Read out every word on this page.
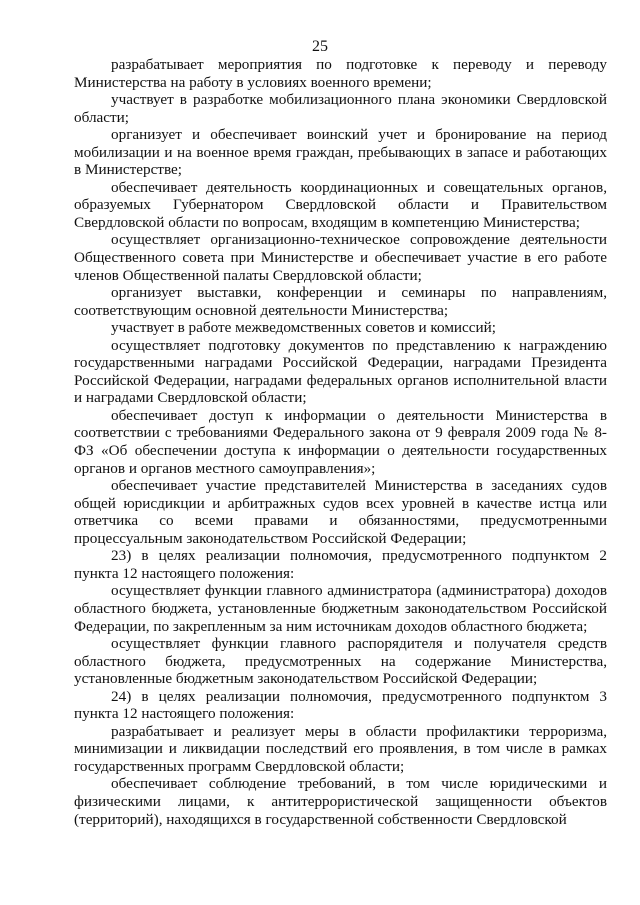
25

разрабатывает мероприятия по подготовке к переводу и переводу Министерства на работу в условиях военного времени;

участвует в разработке мобилизационного плана экономики Свердловской области;

организует и обеспечивает воинский учет и бронирование на период мобилизации и на военное время граждан, пребывающих в запасе и работающих в Министерстве;

обеспечивает деятельность координационных и совещательных органов, образуемых Губернатором Свердловской области и Правительством Свердловской области по вопросам, входящим в компетенцию Министерства;

осуществляет организационно-техническое сопровождение деятельности Общественного совета при Министерстве и обеспечивает участие в его работе членов Общественной палаты Свердловской области;

организует выставки, конференции и семинары по направлениям, соответствующим основной деятельности Министерства;

участвует в работе межведомственных советов и комиссий;

осуществляет подготовку документов по представлению к награждению государственными наградами Российской Федерации, наградами Президента Российской Федерации, наградами федеральных органов исполнительной власти и наградами Свердловской области;

обеспечивает доступ к информации о деятельности Министерства в соответствии с требованиями Федерального закона от 9 февраля 2009 года № 8-ФЗ «Об обеспечении доступа к информации о деятельности государственных органов и органов местного самоуправления»;

обеспечивает участие представителей Министерства в заседаниях судов общей юрисдикции и арбитражных судов всех уровней в качестве истца или ответчика со всеми правами и обязанностями, предусмотренными процессуальным законодательством Российской Федерации;

23) в целях реализации полномочия, предусмотренного подпунктом 2 пункта 12 настоящего положения:

осуществляет функции главного администратора (администратора) доходов областного бюджета, установленные бюджетным законодательством Российской Федерации, по закрепленным за ним источникам доходов областного бюджета;

осуществляет функции главного распорядителя и получателя средств областного бюджета, предусмотренных на содержание Министерства, установленные бюджетным законодательством Российской Федерации;

24) в целях реализации полномочия, предусмотренного подпунктом 3 пункта 12 настоящего положения:

разрабатывает и реализует меры в области профилактики терроризма, минимизации и ликвидации последствий его проявления, в том числе в рамках государственных программ Свердловской области;

обеспечивает соблюдение требований, в том числе юридическими и физическими лицами, к антитеррористической защищенности объектов (территорий), находящихся в государственной собственности Свердловской
